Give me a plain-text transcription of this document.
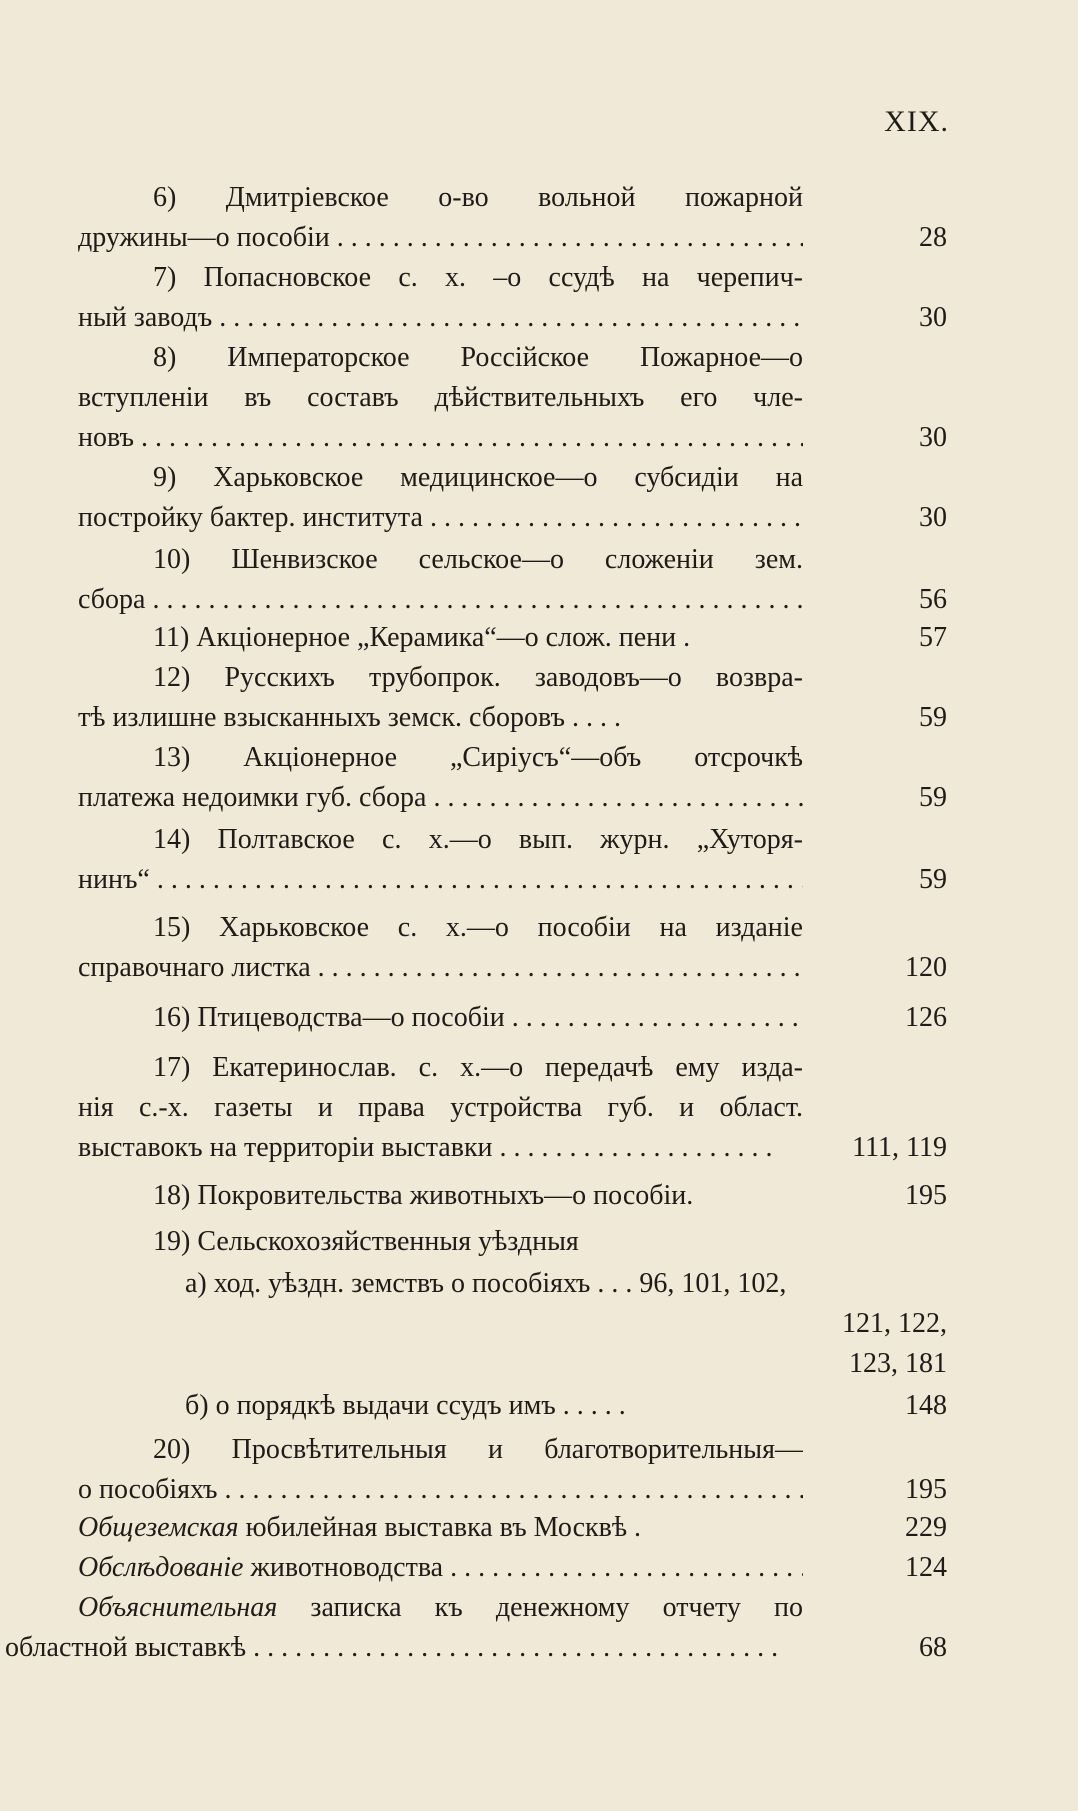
XIX.
6) Дмитріевское о-во вольной пожарной
дружины—о пособіи . . .	28
7) Попасновское с. х. –о ссудѣ на черепич-
ный заводъ . . .	30
8) Императорское Россійское Пожарное—о
вступленіи въ составъ дѣйствительныхъ его чле-
новъ . . .	30
9) Харьковское медицинское—о субсидіи на
постройку бактер. института . . .	30
10) Шенвизское сельское—о сложеніи зем.
сбора . . .	56
11) Акціонерное „Керамика“—о слож. пени .	57
12) Русскихъ трубопрок. заводовъ—о возвра-
тѣ излишне взысканныхъ земск. сборовъ . . . .	59
13) Акціонерное „Сиріусъ“—объ отсрочкѣ
платежа недоимки губ. сбора . . .	59
14) Полтавское с. х.—о вып. журн. „Хуторя-
нинъ“ . . .	59
15) Харьковское с. х.—о пособіи на изданіе
справочнаго листка . . .	120
16) Птицеводства—о пособіи . . .	126
17) Екатеринослав. с. х.—о передачѣ ему изда-
нія с.-х. газеты и права устройства губ. и област.
выставокъ на территоріи выставки . . .	111, 119
18) Покровительства животныхъ—о пособіи.	195
19) Сельскохозяйственныя уѣздныя
а) ход. уѣздн. земствъ о пособіяхъ . . . 96, 101, 102,
121, 122,
123, 181
б) о порядкѣ выдачи ссудъ имъ . . . . .	148
20) Просвѣтительныя и благотворительныя—
о пособіяхъ . . .	195
Общеземская юбилейная выставка въ Москвѣ .	229
Обслѣдованіе животноводства . . .	124
Объяснительная записка къ денежному отчету по
областной выставкѣ . . .	68
